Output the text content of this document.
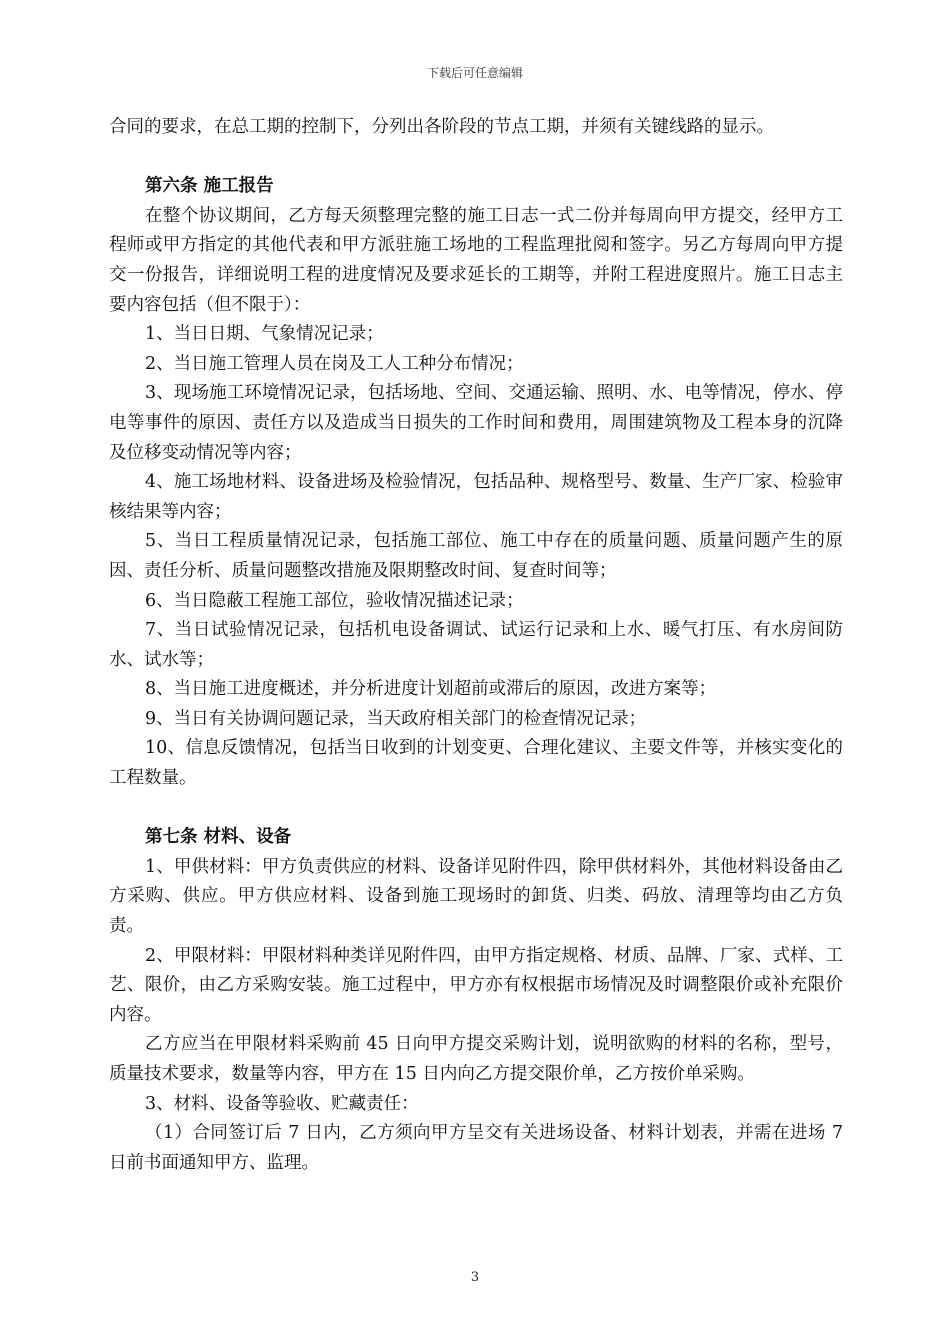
下载后可任意编辑

合同的要求，在总工期的控制下，分列出各阶段的节点工期，并须有关键线路的显示。

第六条 施工报告

在整个协议期间，乙方每天须整理完整的施工日志一式二份并每周向甲方提交，经甲方工程师或甲方指定的其他代表和甲方派驻施工场地的工程监理批阅和签字。另乙方每周向甲方提交一份报告，详细说明工程的进度情况及要求延长的工期等，并附工程进度照片。施工日志主要内容包括（但不限于）：

1、当日日期、气象情况记录；

2、当日施工管理人员在岗及工人工种分布情况；

3、现场施工环境情况记录，包括场地、空间、交通运输、照明、水、电等情况，停水、停电等事件的原因、责任方以及造成当日损失的工作时间和费用，周围建筑物及工程本身的沉降及位移变动情况等内容；

4、施工场地材料、设备进场及检验情况，包括品种、规格型号、数量、生产厂家、检验审核结果等内容；

5、当日工程质量情况记录，包括施工部位、施工中存在的质量问题、质量问题产生的原因、责任分析、质量问题整改措施及限期整改时间、复查时间等；

6、当日隐蔽工程施工部位，验收情况描述记录；

7、当日试验情况记录，包括机电设备调试、试运行记录和上水、暖气打压、有水房间防水、试水等；

8、当日施工进度概述，并分析进度计划超前或滞后的原因，改进方案等；

9、当日有关协调问题记录，当天政府相关部门的检查情况记录；

10、信息反馈情况，包括当日收到的计划变更、合理化建议、主要文件等，并核实变化的工程数量。

第七条 材料、设备

1、甲供材料：甲方负责供应的材料、设备详见附件四，除甲供材料外，其他材料设备由乙方采购、供应。甲方供应材料、设备到施工现场时的卸货、归类、码放、清理等均由乙方负责。

2、甲限材料：甲限材料种类详见附件四，由甲方指定规格、材质、品牌、厂家、式样、工艺、限价，由乙方采购安装。施工过程中，甲方亦有权根据市场情况及时调整限价或补充限价内容。

乙方应当在甲限材料采购前 45 日向甲方提交采购计划，说明欲购的材料的名称，型号，质量技术要求，数量等内容，甲方在 15 日内向乙方提交限价单，乙方按价单采购。

3、材料、设备等验收、贮藏责任：

（1）合同签订后 7 日内，乙方须向甲方呈交有关进场设备、材料计划表，并需在进场 7 日前书面通知甲方、监理。

3
